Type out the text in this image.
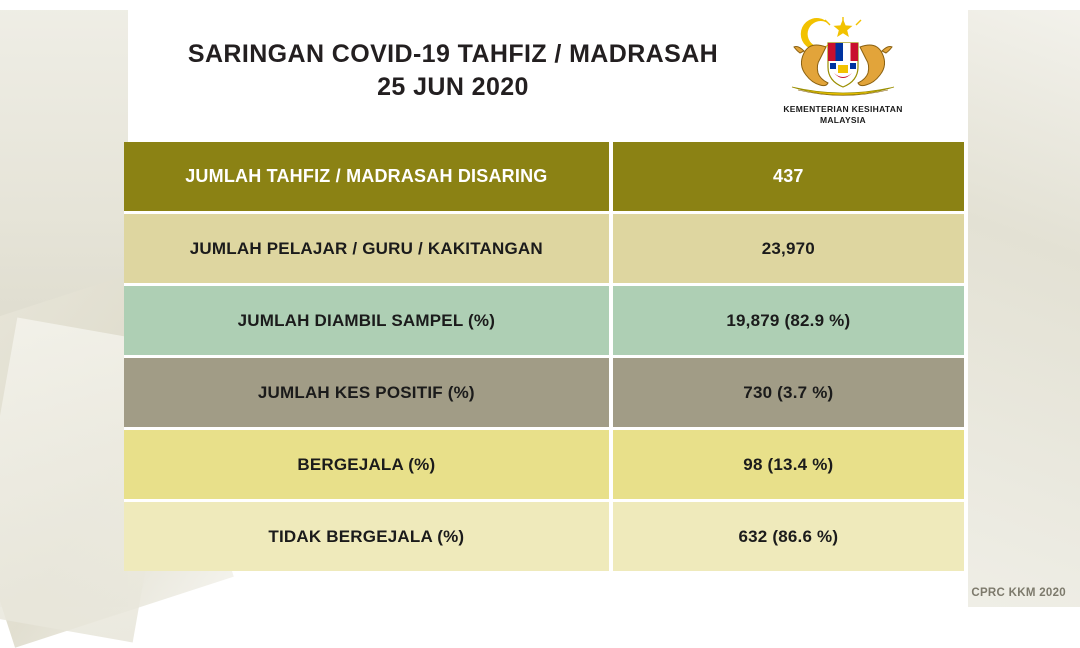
SARINGAN COVID-19 TAHFIZ / MADRASAH
25 JUN 2020
KEMENTERIAN KESIHATAN
MALAYSIA
JUMLAH TAHFIZ / MADRASAH DISARING	437
JUMLAH PELAJAR / GURU / KAKITANGAN	23,970
JUMLAH DIAMBIL SAMPEL (%)	19,879 (82.9 %)
JUMLAH KES POSITIF (%)	730 (3.7 %)
BERGEJALA (%)	98 (13.4 %)
TIDAK BERGEJALA (%)	632 (86.6 %)
CPRC KKM 2020
